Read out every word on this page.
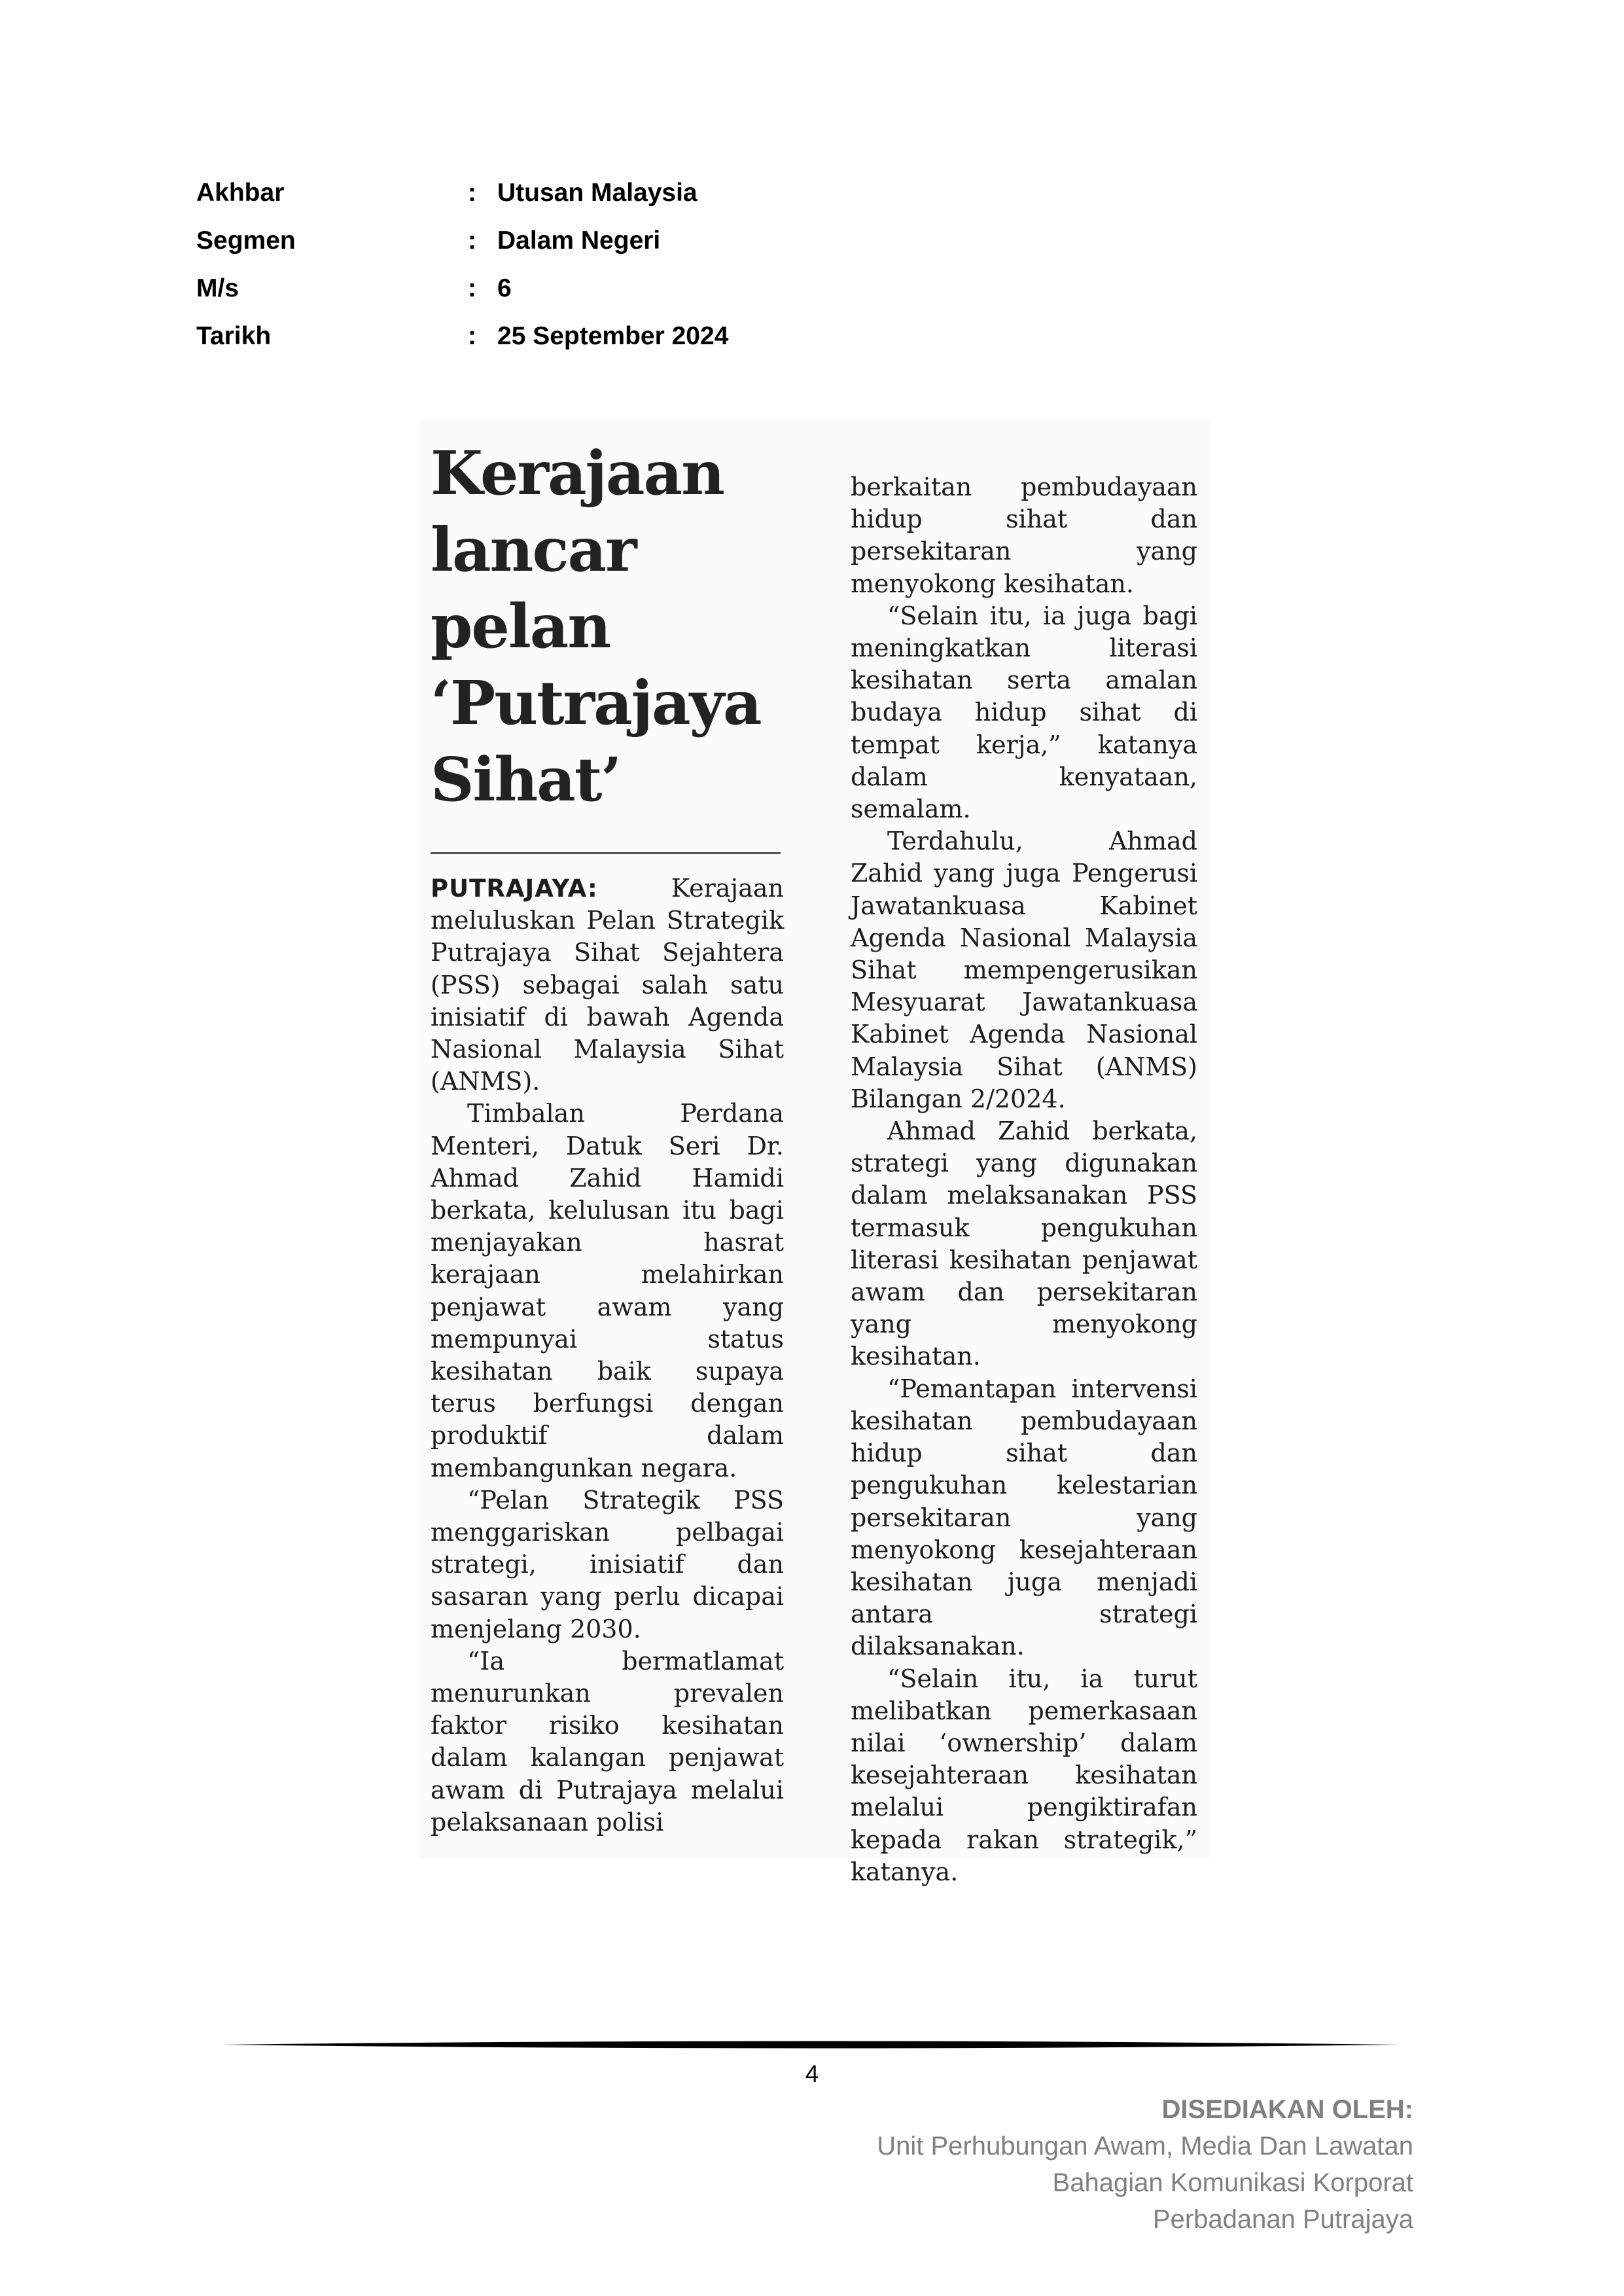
Akhbar	: Utusan Malaysia
Segmen	: Dalam Negeri
M/s	: 6
Tarikh	: 25 September 2024
Kerajaan
lancar
pelan
‘Putrajaya
Sihat’

PUTRAJAYA: Kerajaan meluluskan Pelan Strategik Putrajaya Sihat Sejahtera (PSS) sebagai salah satu inisiatif di bawah Agenda Nasional Malaysia Sihat (ANMS).

Timbalan Perdana Menteri, Datuk Seri Dr. Ahmad Zahid Hamidi berkata, kelulusan itu bagi menjayakan hasrat kerajaan melahirkan penjawat awam yang mempunyai status kesihatan baik supaya terus berfungsi dengan produktif dalam membangunkan negara.

“Pelan Strategik PSS menggariskan pelbagai strategi, inisiatif dan sasaran yang perlu dicapai menjelang 2030.

“Ia bermatlamat menurunkan prevalen faktor risiko kesihatan dalam kalangan penjawat awam di Putrajaya melalui pelaksanaan polisi

berkaitan pembudayaan hidup sihat dan persekitaran yang menyokong kesihatan.

“Selain itu, ia juga bagi meningkatkan literasi kesihatan serta amalan budaya hidup sihat di tempat kerja,” katanya dalam kenyataan, semalam.

Terdahulu, Ahmad Zahid yang juga Pengerusi Jawatankuasa Kabinet Agenda Nasional Malaysia Sihat mempengerusikan Mesyuarat Jawatankuasa Kabinet Agenda Nasional Malaysia Sihat (ANMS) Bilangan 2/2024.

Ahmad Zahid berkata, strategi yang digunakan dalam melaksanakan PSS termasuk pengukuhan literasi kesihatan penjawat awam dan persekitaran yang menyokong kesihatan.

“Pemantapan intervensi kesihatan pembudayaan hidup sihat dan pengukuhan kelestarian persekitaran yang menyokong kesejahteraan kesihatan juga menjadi antara strategi dilaksanakan.

“Selain itu, ia turut melibatkan pemerkasaan nilai ‘ownership’ dalam kesejahteraan kesihatan melalui pengiktirafan kepada rakan strategik,” katanya.

4
DISEDIAKAN OLEH:
Unit Perhubungan Awam, Media Dan Lawatan
Bahagian Komunikasi Korporat
Perbadanan Putrajaya
